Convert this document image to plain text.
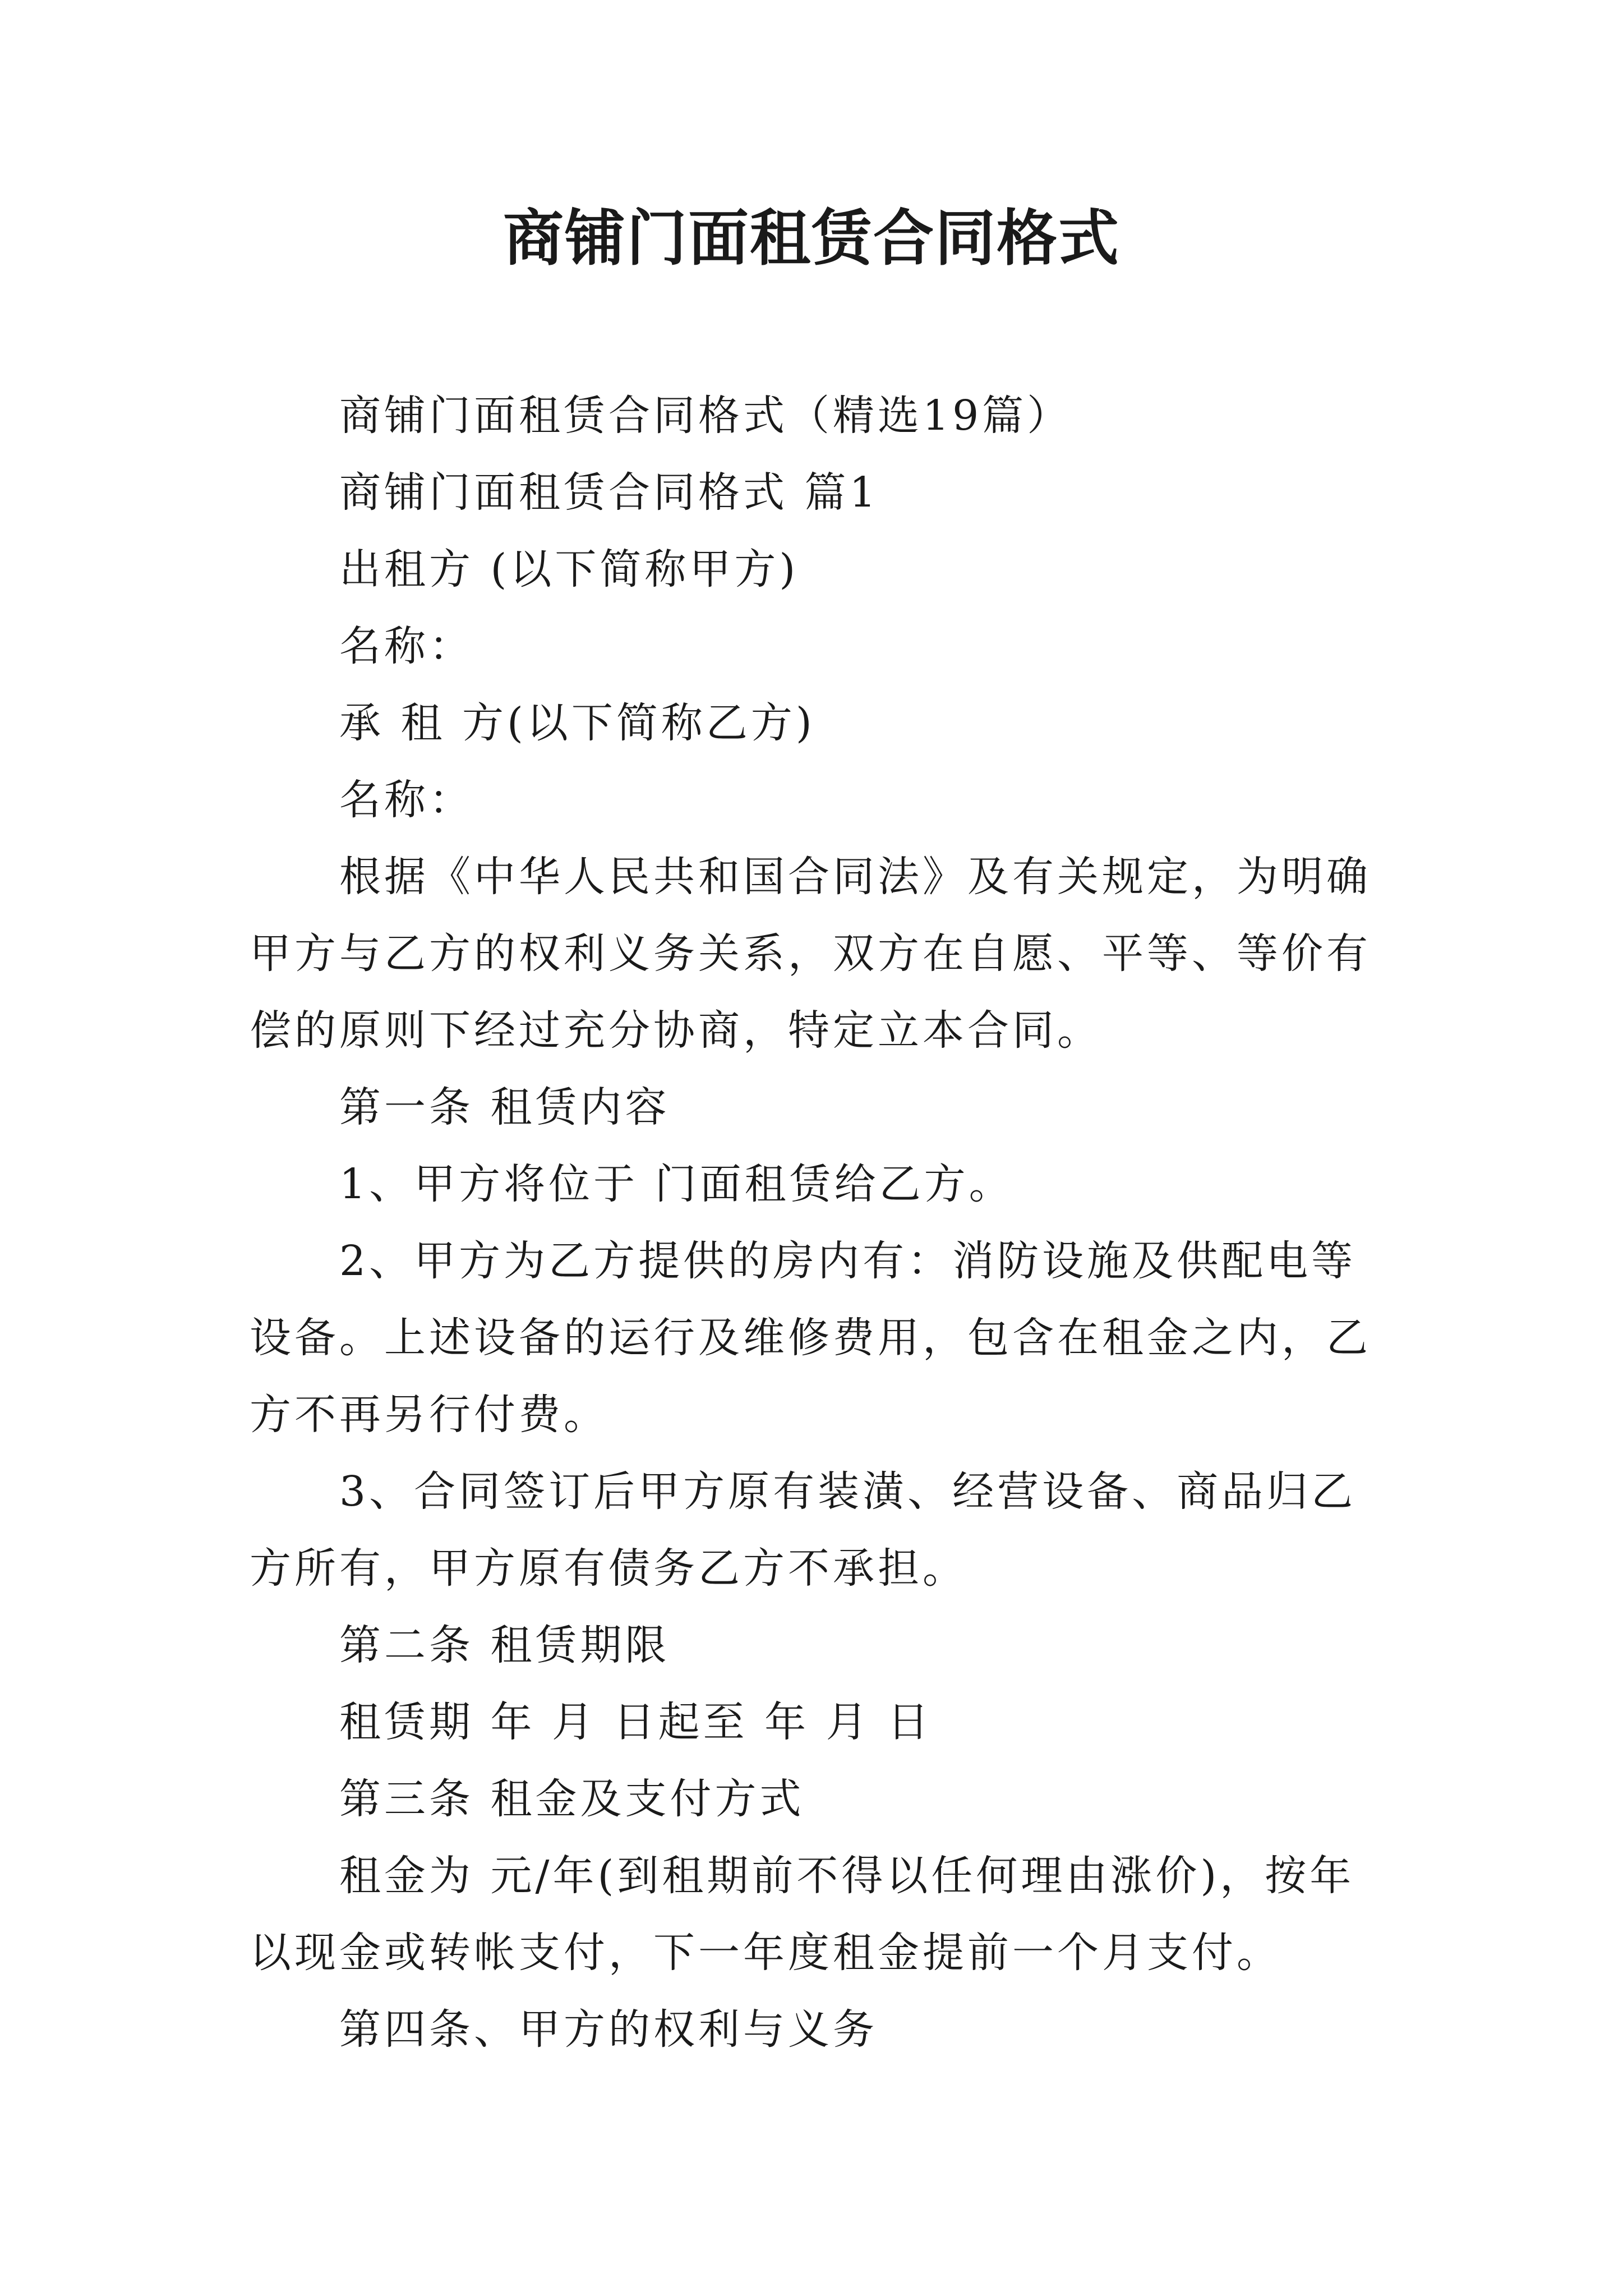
商铺门面租赁合同格式

商铺门面租赁合同格式（精选19篇）

商铺门面租赁合同格式 篇1

出租方 (以下简称甲方)

名称：

承 租 方(以下简称乙方)

名称：

根据《中华人民共和国合同法》及有关规定，为明确甲方与乙方的权利义务关系，双方在自愿、平等、等价有偿的原则下经过充分协商，特定立本合同。

第一条 租赁内容

1、甲方将位于 门面租赁给乙方。

2、甲方为乙方提供的房内有：消防设施及供配电等设备。上述设备的运行及维修费用，包含在租金之内，乙方不再另行付费。

3、合同签订后甲方原有装潢、经营设备、商品归乙方所有，甲方原有债务乙方不承担。

第二条 租赁期限

租赁期 年 月 日起至 年 月 日

第三条 租金及支付方式

租金为 元/年(到租期前不得以任何理由涨价)，按年以现金或转帐支付，下一年度租金提前一个月支付。

第四条、甲方的权利与义务
